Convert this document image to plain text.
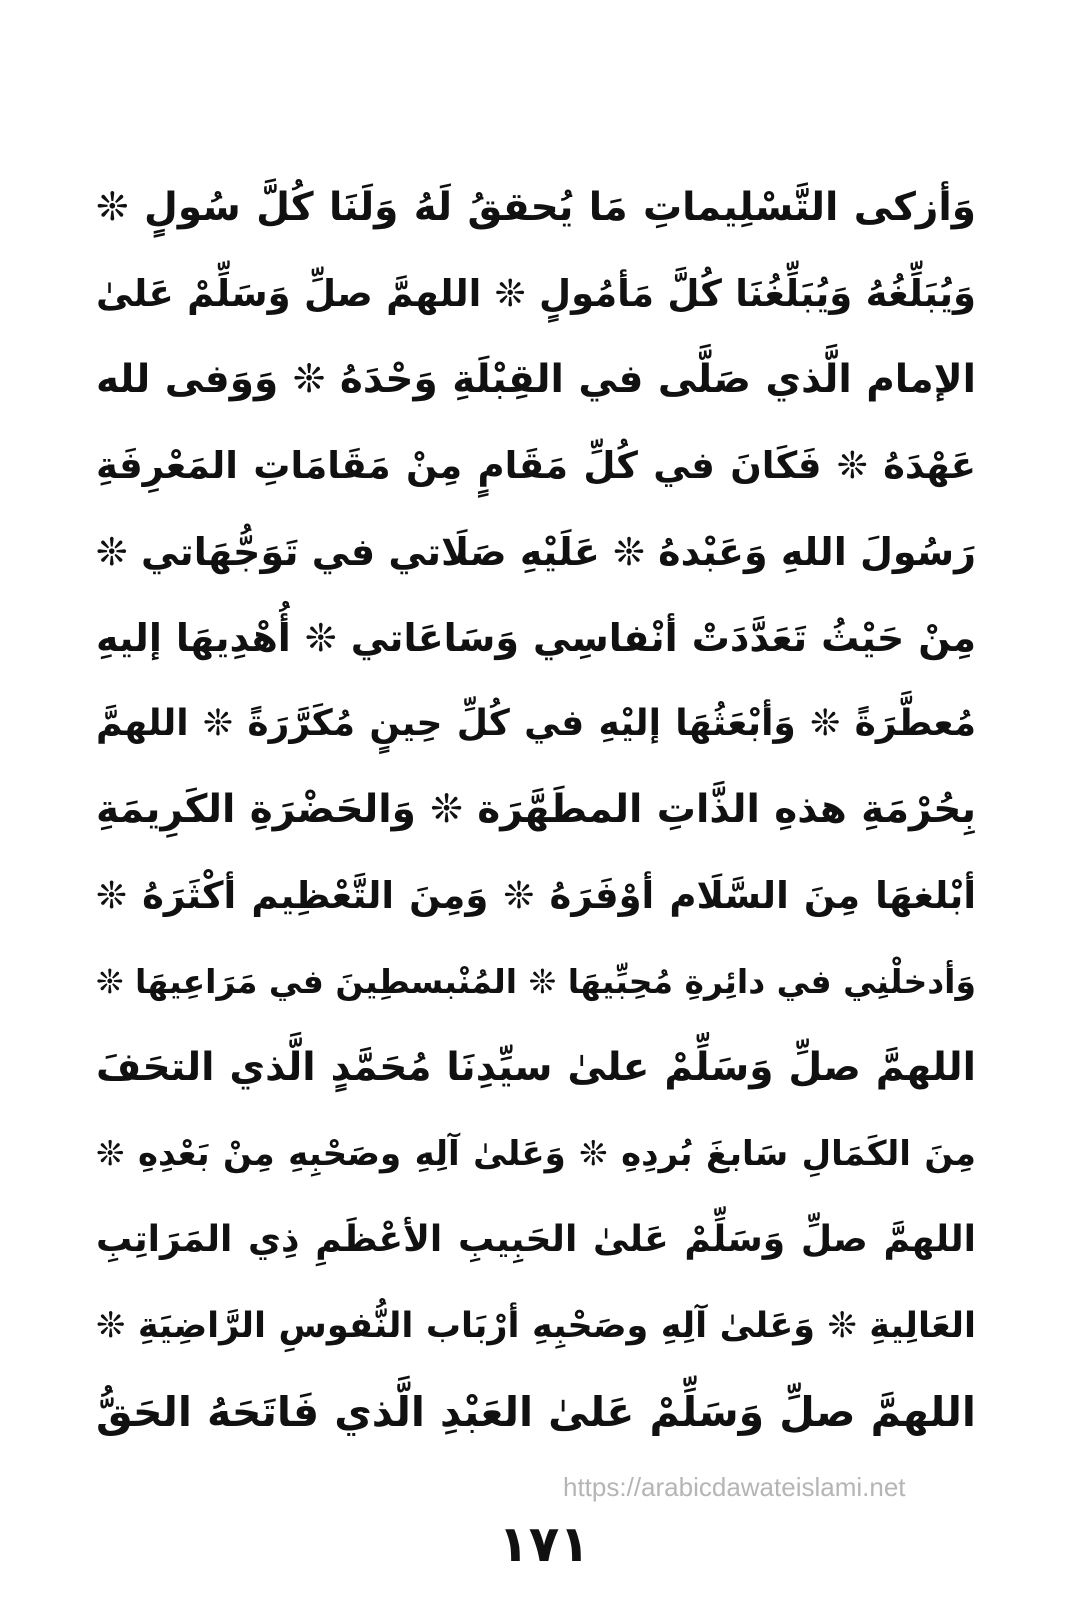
وَأزكى التَّسْلِيماتِ مَا يُحققُ لَهُ وَلَنَا كُلَّ سُولٍ ❊
وَيُبَلِّغُهُ وَيُبَلِّغُنَا كُلَّ مَأمُولٍ ❊ اللهمَّ صلِّ وَسَلِّمْ عَلىٰ
الإمام الَّذي صَلَّى في القِبْلَةِ وَحْدَهُ ❊ وَوَفى لله
عَهْدَهُ ❊ فَكَانَ في كُلِّ مَقَامٍ مِنْ مَقَامَاتِ المَعْرِفَةِ
رَسُولَ اللهِ وَعَبْدهُ ❊ عَلَيْهِ صَلَاتي في تَوَجُّهَاتي ❊
مِنْ حَيْثُ تَعَدَّدَتْ أنْفاسِي وَسَاعَاتي ❊ أُهْدِيهَا إليهِ
مُعطَّرَةً ❊ وَأبْعَثُهَا إليْهِ في كُلِّ حِينٍ مُكَرَّرَةً ❊ اللهمَّ
بِحُرْمَةِ هذهِ الذَّاتِ المطَهَّرَة ❊ وَالحَضْرَةِ الكَرِيمَةِ
أبْلغهَا مِنَ السَّلَام أوْفَرَهُ ❊ وَمِنَ التَّعْظِيم أكْثَرَهُ ❊
وَأدخلْنِي في دائِرةِ مُحِبِّيهَا ❊ المُنْبسطِينَ في مَرَاعِيهَا ❊
اللهمَّ صلِّ وَسَلِّمْ علىٰ سيِّدِنَا مُحَمَّدٍ الَّذي التحَفَ
مِنَ الكَمَالِ سَابغَ بُردِهِ ❊ وَعَلىٰ آلِهِ وصَحْبِهِ مِنْ بَعْدِهِ ❊
اللهمَّ صلِّ وَسَلِّمْ عَلىٰ الحَبِيبِ الأعْظَمِ ذِي المَرَاتِبِ
العَالِيةِ ❊ وَعَلىٰ آلِهِ وصَحْبِهِ أرْبَاب النُّفوسِ الرَّاضِيَةِ ❊
اللهمَّ صلِّ وَسَلِّمْ عَلىٰ العَبْدِ الَّذي فَاتَحَهُ الحَقُّ
https://arabicdawateislami.net
١٧١
